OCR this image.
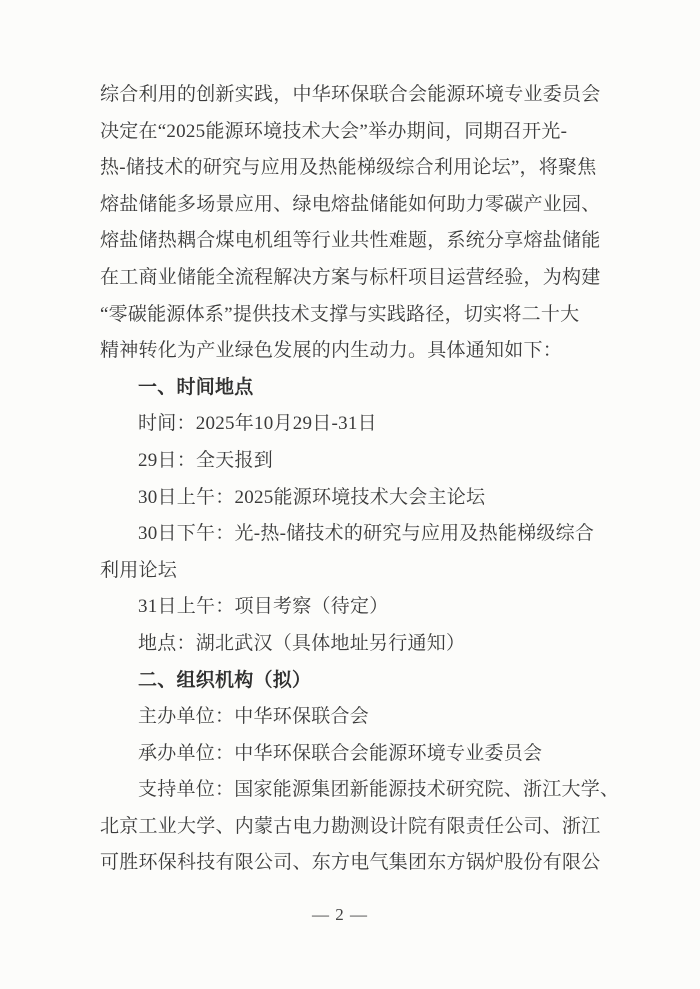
综合利用的创新实践，中华环保联合会能源环境专业委员会
决定在“2025能源环境技术大会”举办期间，同期召开光-
热-储技术的研究与应用及热能梯级综合利用论坛”，将聚焦
熔盐储能多场景应用、绿电熔盐储能如何助力零碳产业园、
熔盐储热耦合煤电机组等行业共性难题，系统分享熔盐储能
在工商业储能全流程解决方案与标杆项目运营经验，为构建
“零碳能源体系”提供技术支撑与实践路径，切实将二十大
精神转化为产业绿色发展的内生动力。具体通知如下：
一、时间地点
时间：2025年10月29日-31日
29日：全天报到
30日上午：2025能源环境技术大会主论坛
30日下午：光-热-储技术的研究与应用及热能梯级综合
利用论坛
31日上午：项目考察（待定）
地点：湖北武汉（具体地址另行通知）
二、组织机构（拟）
主办单位：中华环保联合会
承办单位：中华环保联合会能源环境专业委员会
支持单位：国家能源集团新能源技术研究院、浙江大学、
北京工业大学、内蒙古电力勘测设计院有限责任公司、浙江
可胜环保科技有限公司、东方电气集团东方锅炉股份有限公
— 2 —
